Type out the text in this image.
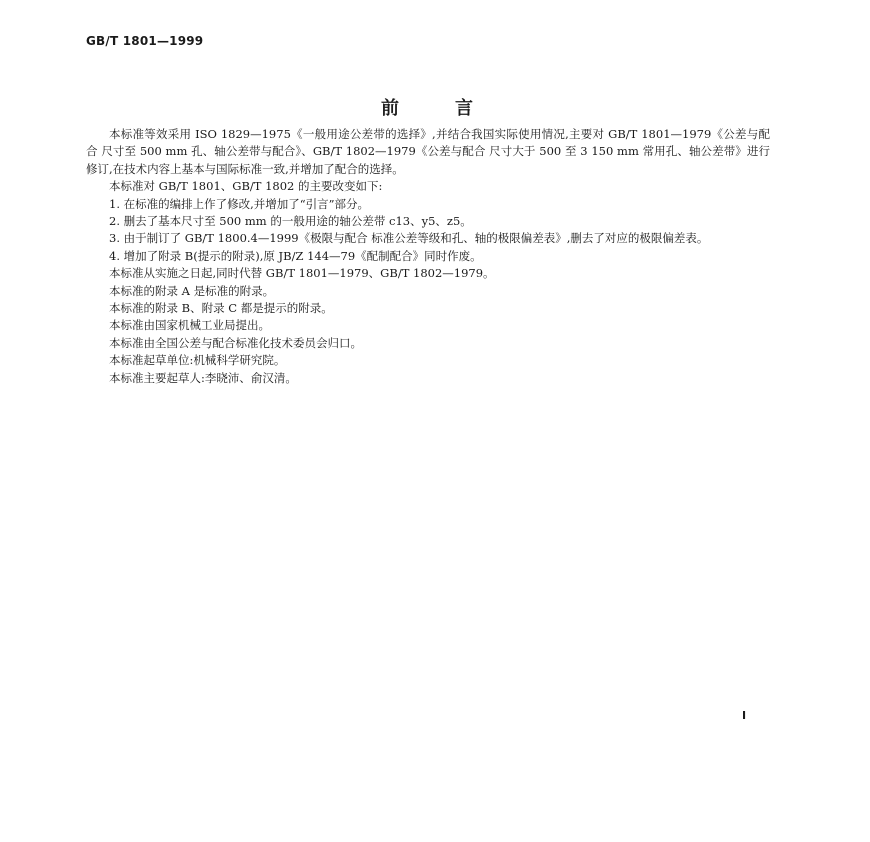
GB/T 1801—1999
前言

本标准等效采用 ISO 1829—1975《一般用途公差带的选择》,并结合我国实际使用情况,主要对 GB/T 1801—1979《公差与配合 尺寸至 500 mm 孔、轴公差带与配合》、GB/T 1802—1979《公差与配合 尺寸大于 500 至 3 150 mm 常用孔、轴公差带》进行修订,在技术内容上基本与国际标准一致,并增加了配合的选择。

本标准对 GB/T 1801、GB/T 1802 的主要改变如下:

1. 在标准的编排上作了修改,并增加了“引言”部分。

2. 删去了基本尺寸至 500 mm 的一般用途的轴公差带 c13、y5、z5。

3. 由于制订了 GB/T 1800.4—1999《极限与配合 标准公差等级和孔、轴的极限偏差表》,删去了对应的极限偏差表。

4. 增加了附录 B(提示的附录),原 JB/Z 144—79《配制配合》同时作废。

本标准从实施之日起,同时代替 GB/T 1801—1979、GB/T 1802—1979。

本标准的附录 A 是标准的附录。

本标准的附录 B、附录 C 都是提示的附录。

本标准由国家机械工业局提出。

本标准由全国公差与配合标准化技术委员会归口。

本标准起草单位:机械科学研究院。

本标准主要起草人:李晓沛、俞汉清。

I
